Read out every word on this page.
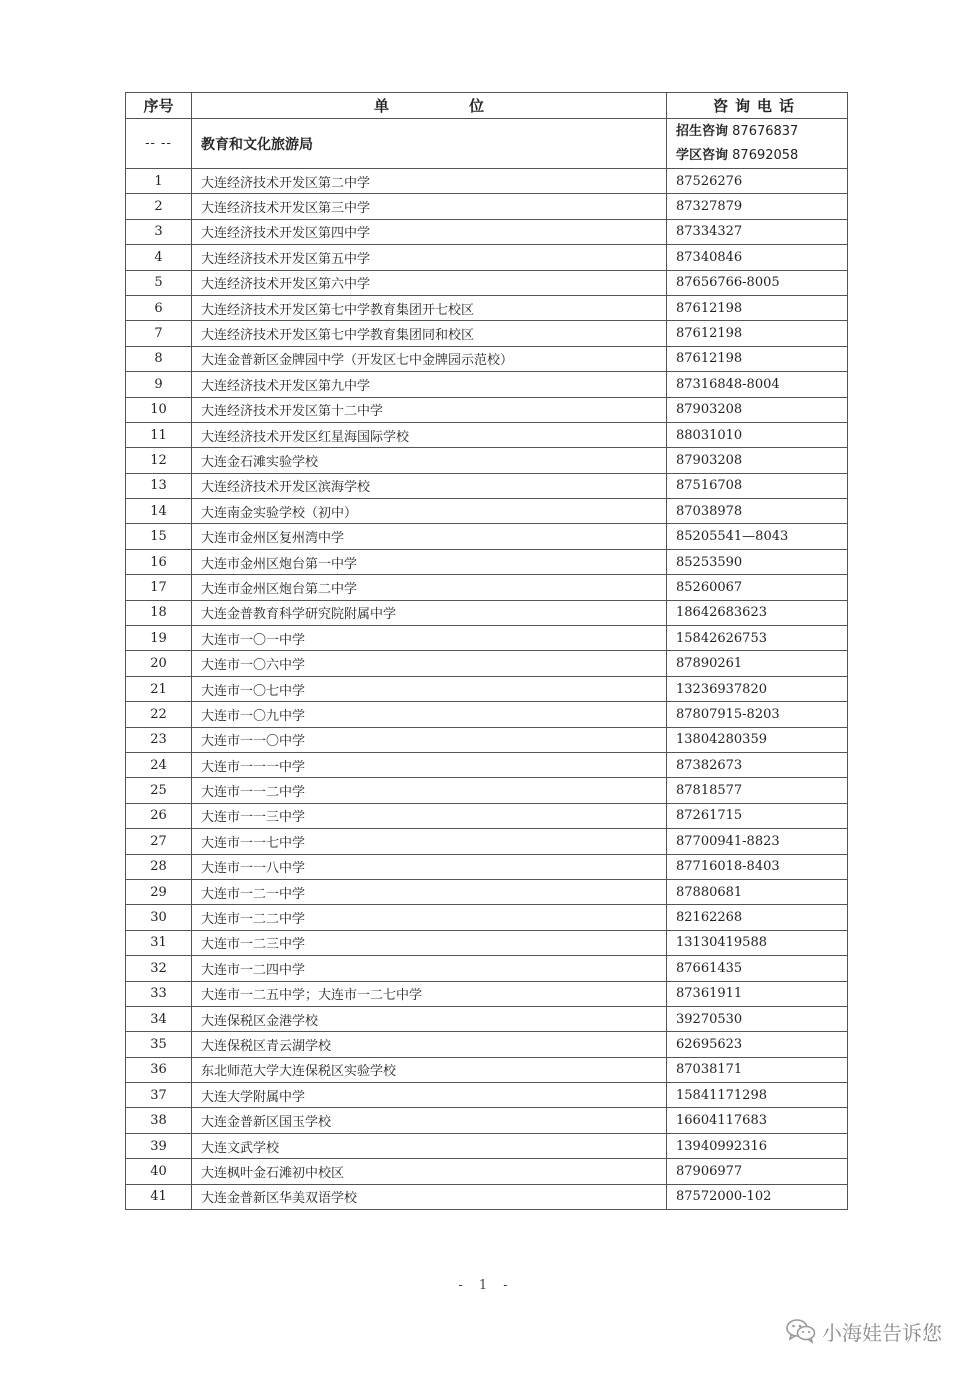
序号	单位	咨询电话
-- --	教育和文化旅游局	招生咨询 87676837
学区咨询 87692058

1	大连经济技术开发区第二中学	87526276
2	大连经济技术开发区第三中学	87327879
3	大连经济技术开发区第四中学	87334327
4	大连经济技术开发区第五中学	87340846
5	大连经济技术开发区第六中学	87656766-8005
6	大连经济技术开发区第七中学教育集团开七校区	87612198
7	大连经济技术开发区第七中学教育集团同和校区	87612198
8	大连金普新区金牌园中学（开发区七中金牌园示范校）	87612198
9	大连经济技术开发区第九中学	87316848-8004
10	大连经济技术开发区第十二中学	87903208
11	大连经济技术开发区红星海国际学校	88031010
12	大连金石滩实验学校	87903208
13	大连经济技术开发区滨海学校	87516708
14	大连南金实验学校（初中）	87038978
15	大连市金州区复州湾中学	85205541—8043
16	大连市金州区炮台第一中学	85253590
17	大连市金州区炮台第二中学	85260067
18	大连金普教育科学研究院附属中学	18642683623
19	大连市一〇一中学	15842626753
20	大连市一〇六中学	87890261
21	大连市一〇七中学	13236937820
22	大连市一〇九中学	87807915-8203
23	大连市一一〇中学	13804280359
24	大连市一一一中学	87382673
25	大连市一一二中学	87818577
26	大连市一一三中学	87261715
27	大连市一一七中学	87700941-8823
28	大连市一一八中学	87716018-8403
29	大连市一二一中学	87880681
30	大连市一二二中学	82162268
31	大连市一二三中学	13130419588
32	大连市一二四中学	87661435
33	大连市一二五中学；大连市一二七中学	87361911
34	大连保税区金港学校	39270530
35	大连保税区青云湖学校	62695623
36	东北师范大学大连保税区实验学校	87038171
37	大连大学附属中学	15841171298
38	大连金普新区国玉学校	16604117683
39	大连文武学校	13940992316
40	大连枫叶金石滩初中校区	87906977
41	大连金普新区华美双语学校	87572000-102
- 1 -
小海娃告诉您
